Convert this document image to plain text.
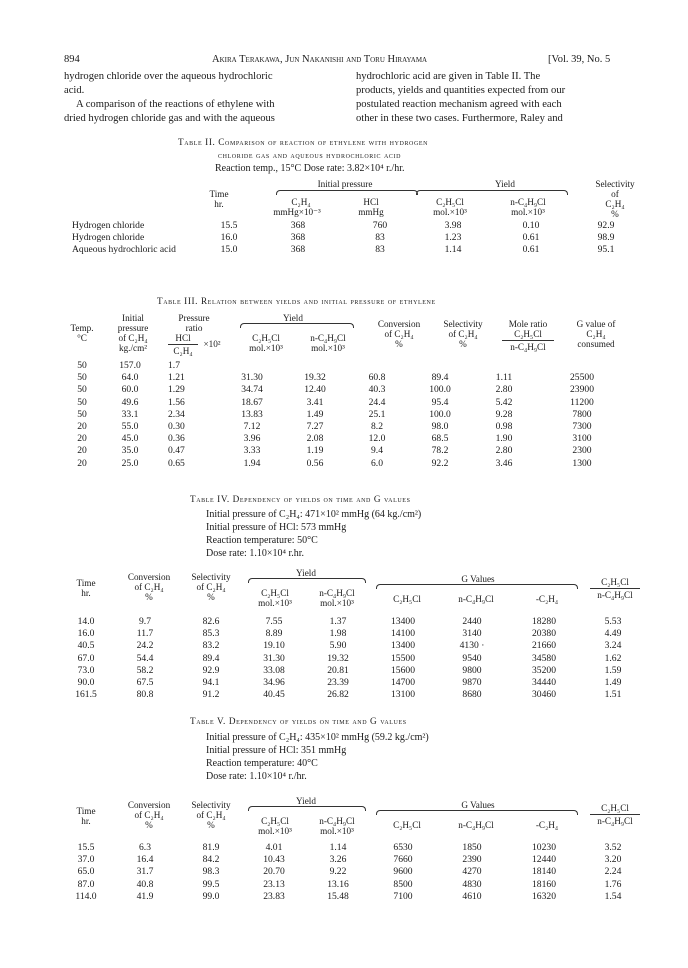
894	Akira Terakawa, Jun Nakanishi and Toru Hirayama	[Vol. 39, No. 5
hydrogen chloride over the aqueous hydrochloric
acid.
A comparison of the reactions of ethylene with
dried hydrogen chloride gas and with the aqueous
hydrochloric acid are given in Table II. The
products, yields and quantities expected from our
postulated reaction mechanism agreed with each
other in these two cases. Furthermore, Raley and
Table II. Comparison of reaction of ethylene with hydrogen
chloride gas and aqueous hydrochloric acid
Reaction temp., 15°C Dose rate: 3.82×10⁴ r./hr.
Initial pressure	Yield	Selectivity
of
Time
hr.	C₂H₄
mmHg×10⁻³
HCl
mmHg
C₂H₅Cl
mol.×10³
n-C₄H₉Cl
mol.×10³
C₂H₄
%
Hydrogen chloride	15.5	368	760	3.98	0.10	92.9
Hydrogen chloride	16.0	368	83	1.23	0.61	98.9
Aqueous hydrochloric acid	15.0	368	83	1.14	0.61	95.1
Table III. Relation between yields and initial pressure of ethylene
Temp.
°C
Initial
pressure
of C₂H₄
kg./cm²
Pressure
ratio
HCl
C₂H₄
×10²
Yield
C₂H₅Cl
mol.×10³
n-C₄H₉Cl
mol.×10³
Conversion
of C₂H₄
%
Selectivity
of C₂H₄
%
Mole ratio
C₂H₅Cl
n-C₄H₉Cl
G value of
C₂H₄
consumed
50	157.0	1.7						
50	64.0	1.21	31.30	19.32	60.8	89.4	1.11	25500
50	60.0	1.29	34.74	12.40	40.3	100.0	2.80	23900
50	49.6	1.56	18.67	3.41	24.4	95.4	5.42	11200
50	33.1	2.34	13.83	1.49	25.1	100.0	9.28	7800
20	55.0	0.30	7.12	7.27	8.2	98.0	0.98	7300
20	45.0	0.36	3.96	2.08	12.0	68.5	1.90	3100
20	35.0	0.47	3.33	1.19	9.4	78.2	2.80	2300
20	25.0	0.65	1.94	0.56	6.0	92.2	3.46	1300
Table IV. Dependency of yields on time and G values
Initial pressure of C₂H₄: 471×10² mmHg (64 kg./cm²)
Initial pressure of HCl: 573 mmHg
Reaction temperature: 50°C
Dose rate: 1.10×10⁴ r.hr.
Time
hr.
Conversion
of C₂H₄
%
Selectivity
of C₂H₄
%
Yield
C₂H₅Cl
mol.×10³
n-C₄H₉Cl
mol.×10³
G Values
C₂H₅Cl	n-C₄H₉Cl	-C₂H₄
C₂H₅Cl
n-C₄H₉Cl
14.0	9.7	82.6	7.55	1.37	13400	2440	18280	5.53
16.0	11.7	85.3	8.89	1.98	14100	3140	20380	4.49
40.5	24.2	83.2	19.10	5.90	13400	4130 ·	21660	3.24
67.0	54.4	89.4	31.30	19.32	15500	9540	34580	1.62
73.0	58.2	92.9	33.08	20.81	15600	9800	35200	1.59
90.0	67.5	94.1	34.96	23.39	14700	9870	34440	1.49
161.5	80.8	91.2	40.45	26.82	13100	8680	30460	1.51
Table V. Dependency of yields on time and G values
Initial pressure of C₂H₄: 435×10² mmHg (59.2 kg./cm²)
Initial pressure of HCl: 351 mmHg
Reaction temperature: 40°C
Dose rate: 1.10×10⁴ r./hr.
Time
hr.
Conversion
of C₂H₄
%
Selectivity
of C₂H₄
%
Yield
C₂H₅Cl
mol.×10³
n-C₄H₉Cl
mol.×10³
G Values
C₂H₅Cl	n-C₄H₉Cl	-C₂H₄
C₂H₅Cl
n-C₄H₉Cl
15.5	6.3	81.9	4.01	1.14	6530	1850	10230	3.52
37.0	16.4	84.2	10.43	3.26	7660	2390	12440	3.20
65.0	31.7	98.3	20.70	9.22	9600	4270	18140	2.24
87.0	40.8	99.5	23.13	13.16	8500	4830	18160	1.76
114.0	41.9	99.0	23.83	15.48	7100	4610	16320	1.54
